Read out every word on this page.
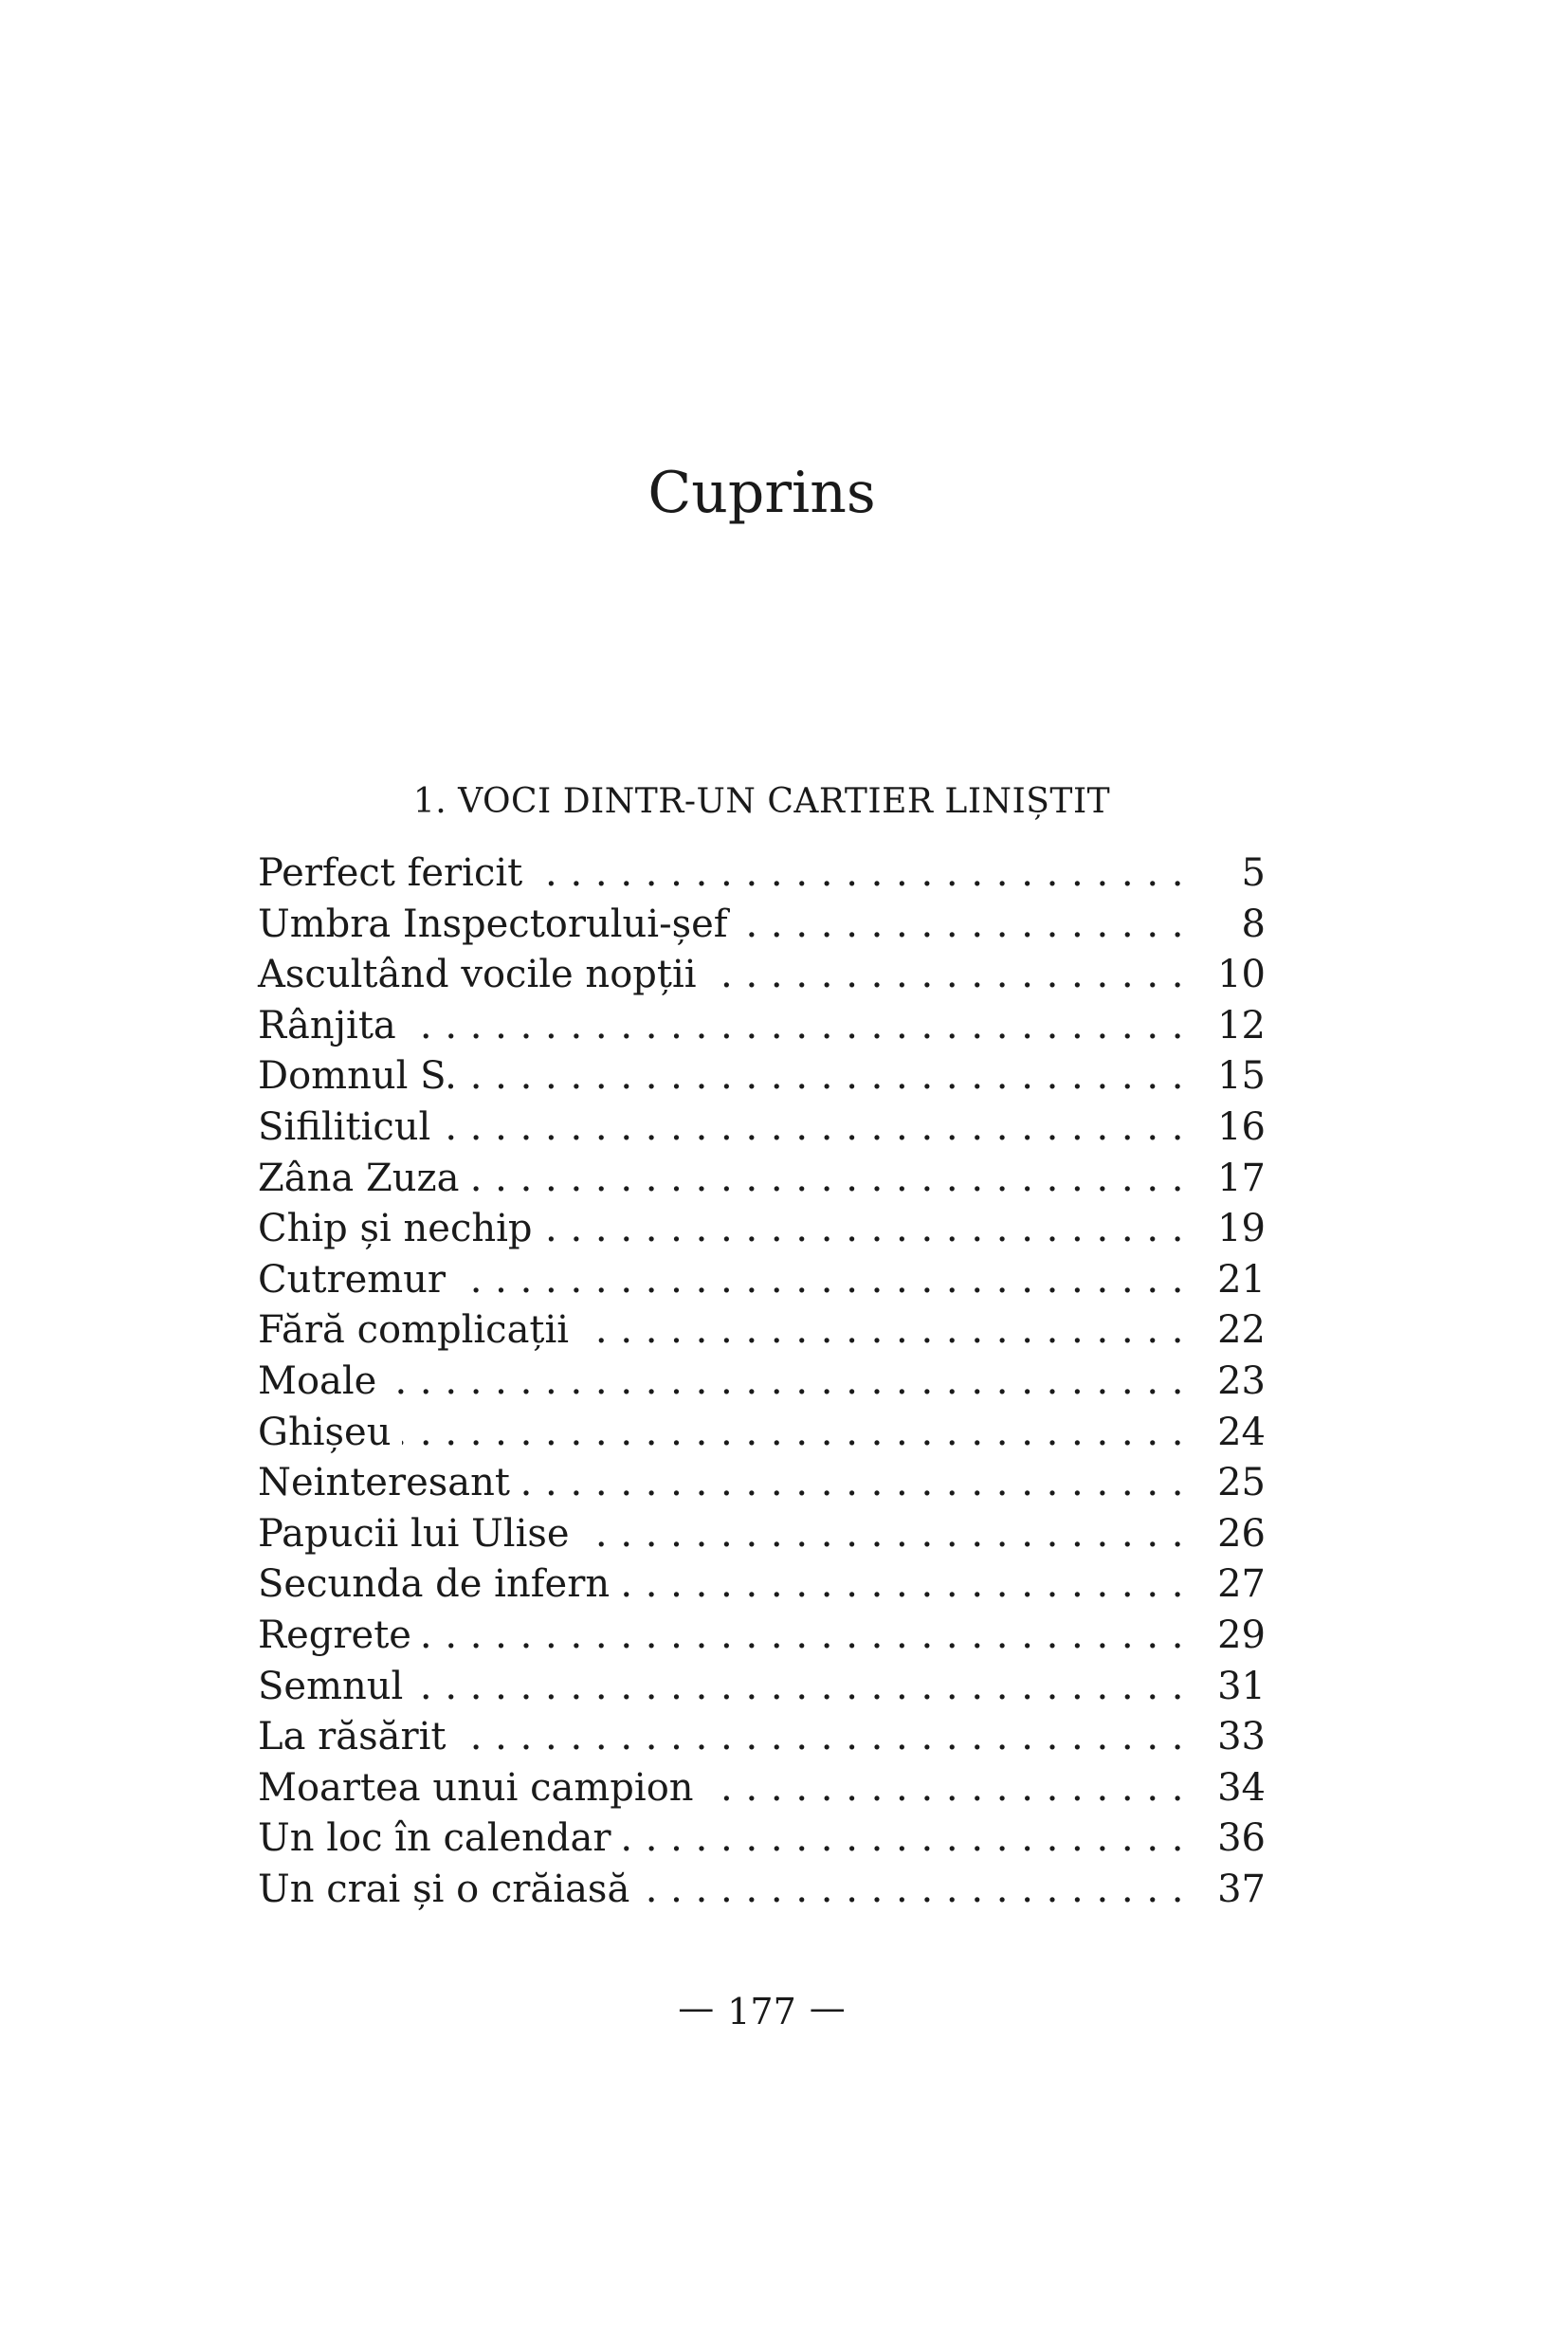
Cuprins
1. VOCI DINTR-UN CARTIER LINIȘTIT
Perfect fericit . . .	5
Umbra Inspectorului-șef . . .	8
Ascultând vocile nopții . . .	10
Rânjita . . .	12
Domnul S. . . .	15
Sifiliticul . . .	16
Zâna Zuza . . .	17
Chip și nechip . . .	19
Cutremur . . .	21
Fără complicații . . .	22
Moale . . .	23
Ghișeu . . .	24
Neinteresant . . .	25
Papucii lui Ulise . . .	26
Secunda de infern . . .	27
Regrete . . .	29
Semnul . . .	31
La răsărit . . .	33
Moartea unui campion . . .	34
Un loc în calendar . . .	36
Un crai și o crăiasă . . .	37
— 177 —
